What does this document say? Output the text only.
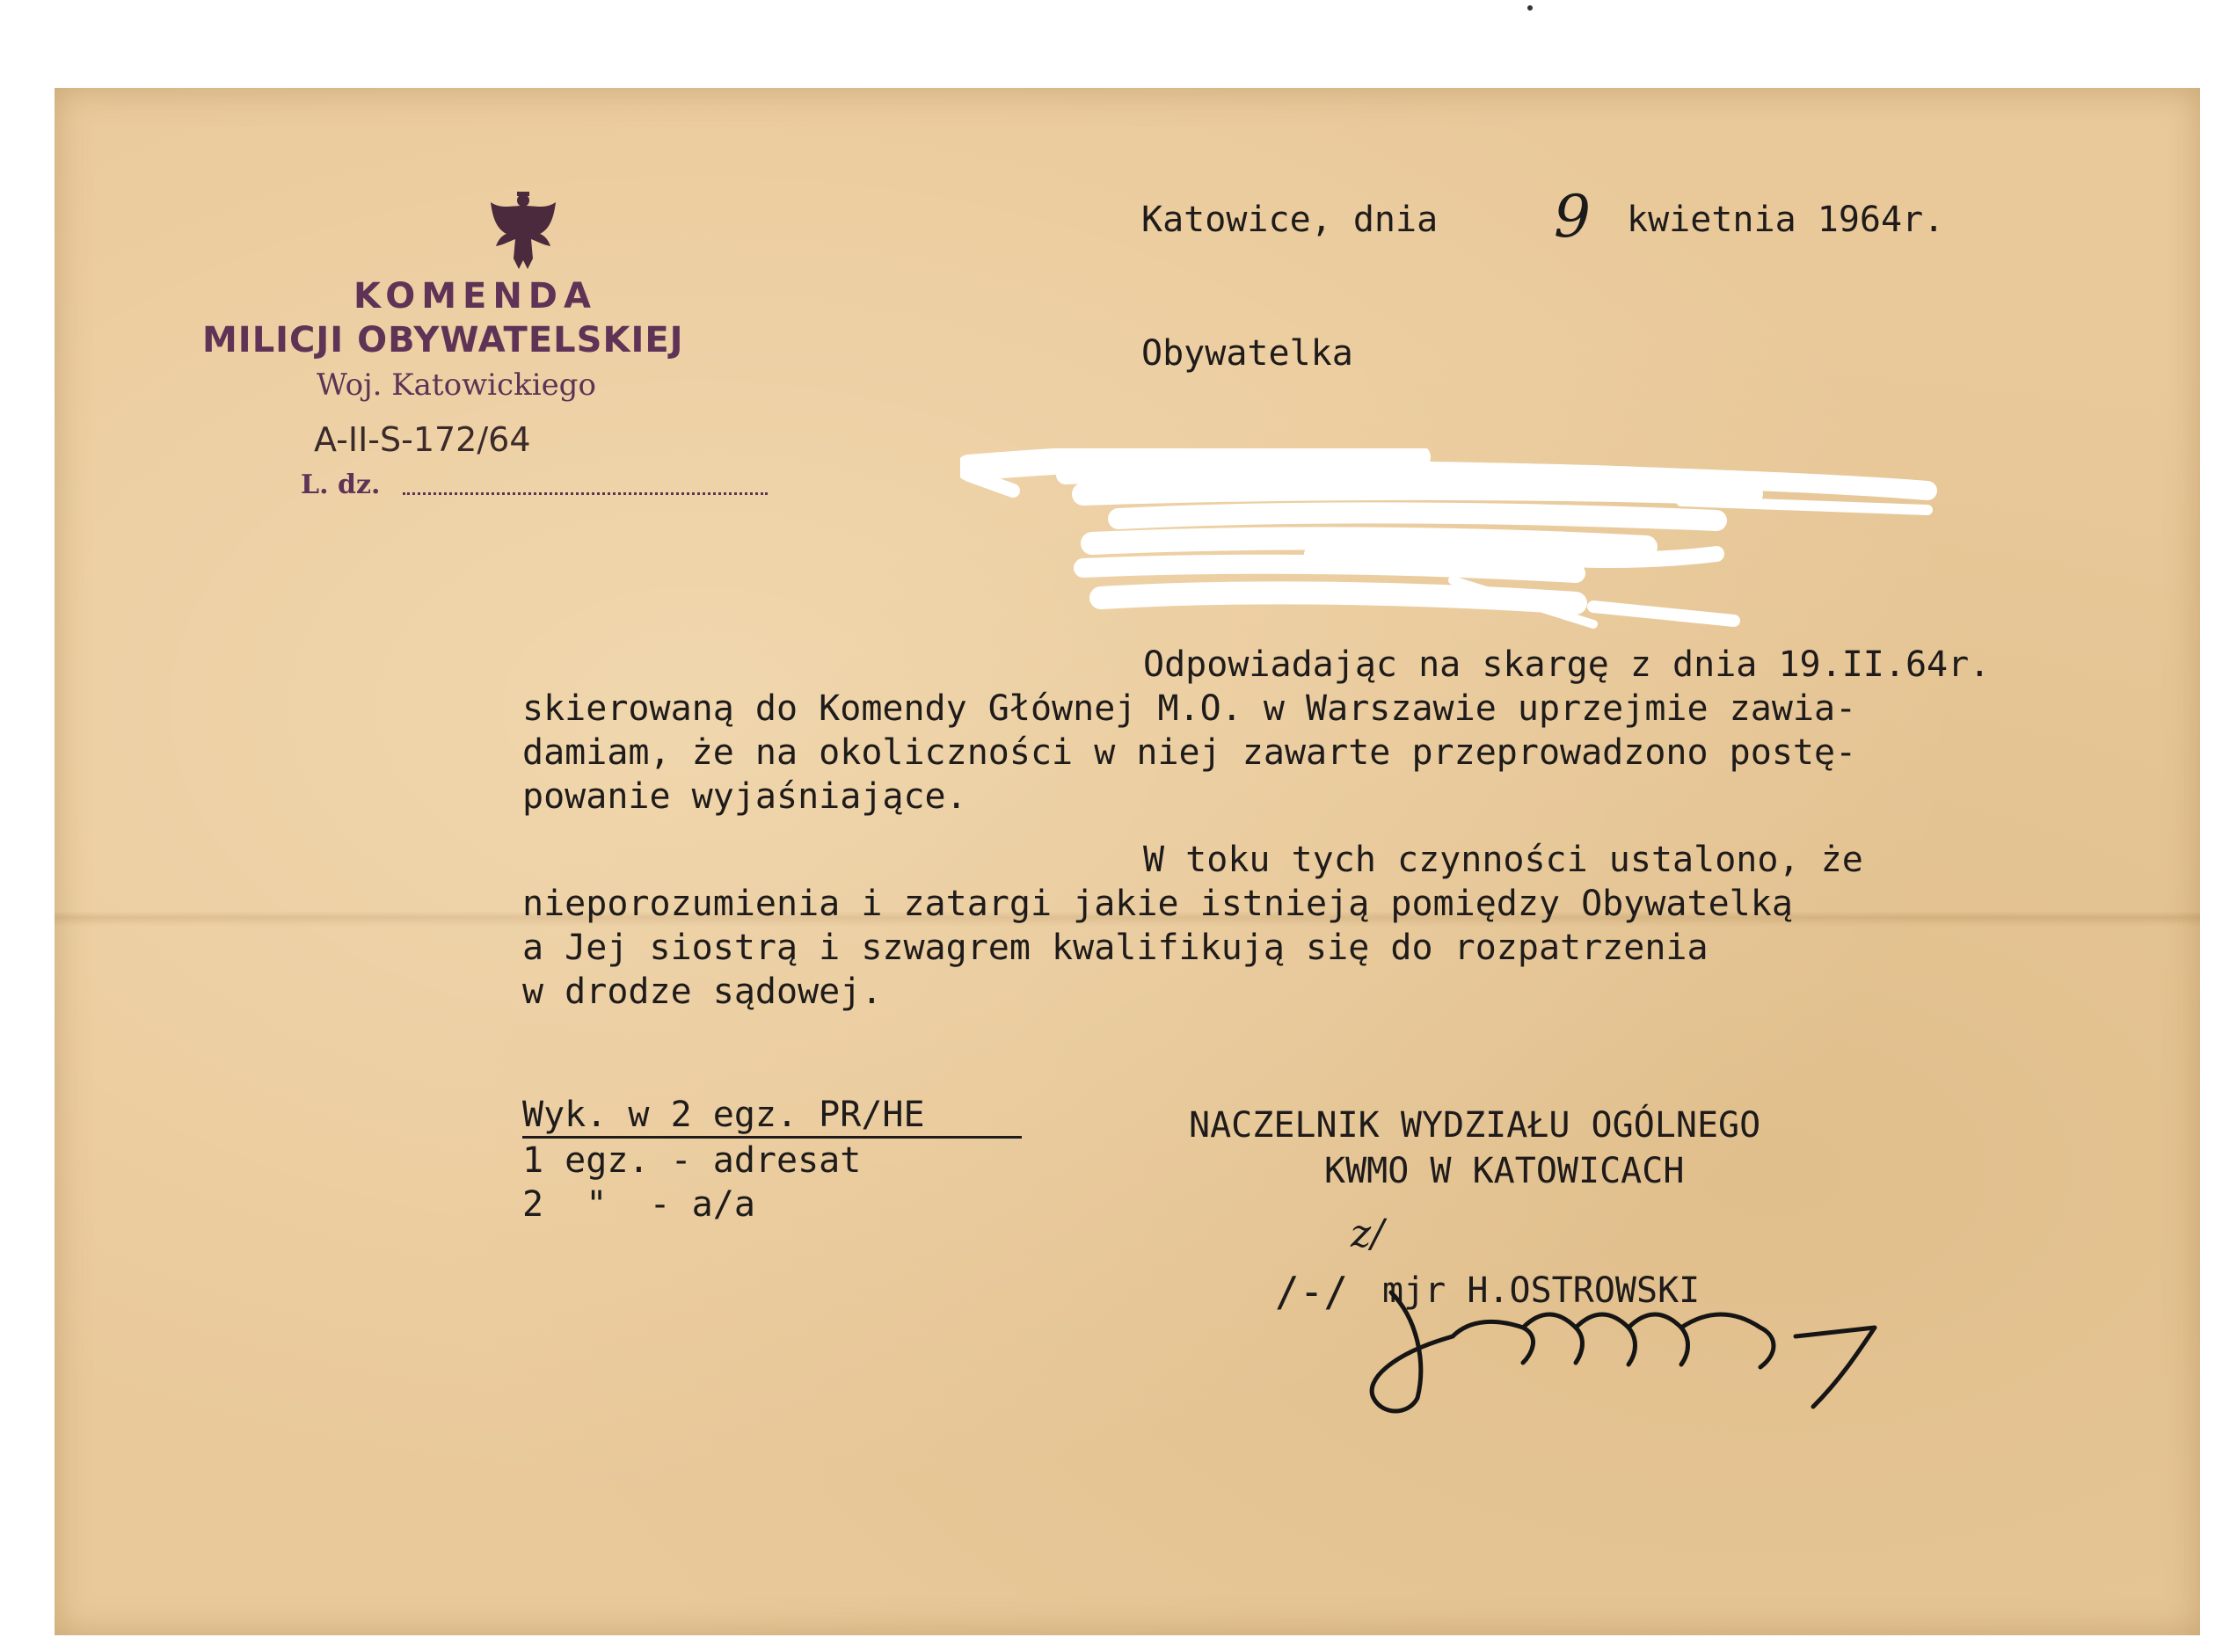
KOMENDA
MILICJI OBYWATELSKIEJ
Woj. Katowickiego
A-II-S-172/64
L. dz.
Katowice, dnia 9 kwietnia 1964r.
Obywatelka
Odpowiadając na skargę z dnia 19.II.64r.
skierowaną do Komendy Głównej M.O. w Warszawie uprzejmie zawia-
damiam, że na okoliczności w niej zawarte przeprowadzono postę-
powanie wyjaśniające.
W toku tych czynności ustalono, że
nieporozumienia i zatargi jakie istnieją pomiędzy Obywatelką
a Jej siostrą i szwagrem kwalifikują się do rozpatrzenia
w drodze sądowej.
Wyk. w 2 egz. PR/HE
1 egz. - adresat
2  "  - a/a
NACZELNIK WYDZIAŁU OGÓLNEGO
KWMO W KATOWICACH
z/
/-/ mjr H.OSTROWSKI
